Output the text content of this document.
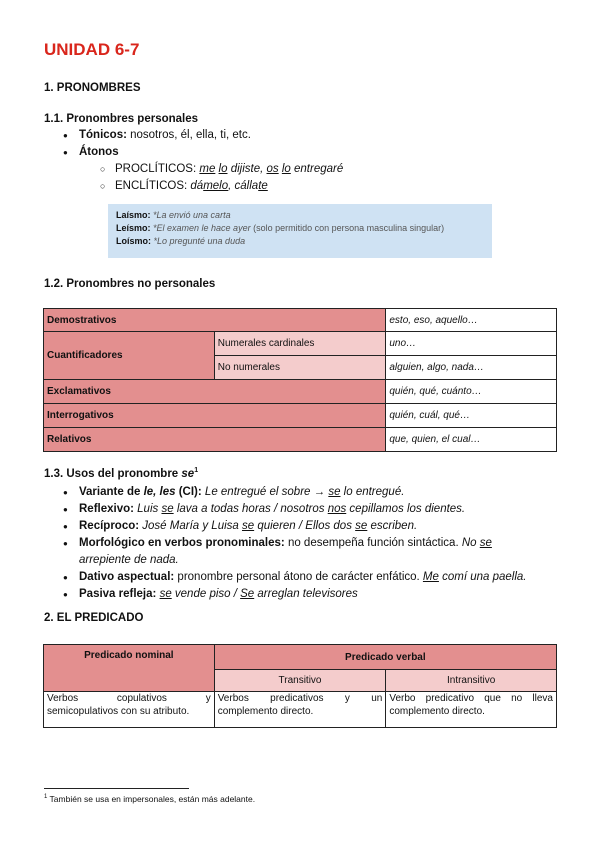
UNIDAD 6-7
1. PRONOMBRES
1.1. Pronombres personales
● Tónicos: nosotros, él, ella, ti, etc.
● Átonos
○ PROCLÍTICOS: me lo dijiste, os lo entregaré
○ ENCLÍTICOS: dámelo, cállate
Laísmo: *La envió una carta
Leísmo: *El examen le hace ayer (solo permitido con persona masculina singular)
Loísmo: *Lo pregunté una duda
1.2. Pronombres no personales
Demostrativos		esto, eso, aquello…
Cuantificadores	Numerales cardinales	uno…
	No numerales	alguien, algo, nada…
Exclamativos		quién, qué, cuánto…
Interrogativos		quién, cuál, qué…
Relativos		que, quien, el cual…
1.3. Usos del pronombre $se^1$
● Variante de le, les (CI): Le entregué el sobre → se lo entregué.
● Reflexivo: Luis se lava a todas horas / nosotros nos cepillamos los dientes.
● Recíproco: José María y Luisa se quieren / Ellos dos se escriben.
● Morfológico en verbos pronominales: no desempeña función sintáctica. No se
arrepiente de nada.
● Dativo aspectual: pronombre personal átono de carácter enfático. Me comí una paella.
● Pasiva refleja: se vende piso / Se arreglan televisores
2. EL PREDICADO
Predicado nominal	Predicado verbal	
	Transitivo	Intransitivo
Verbos copulativos y semicopulativos con su atributo.	Verbos predicativos y un complemento directo.	Verbo predicativo que no lleva complemento directo.
$^1$ También se usa en impersonales, están más adelante.
